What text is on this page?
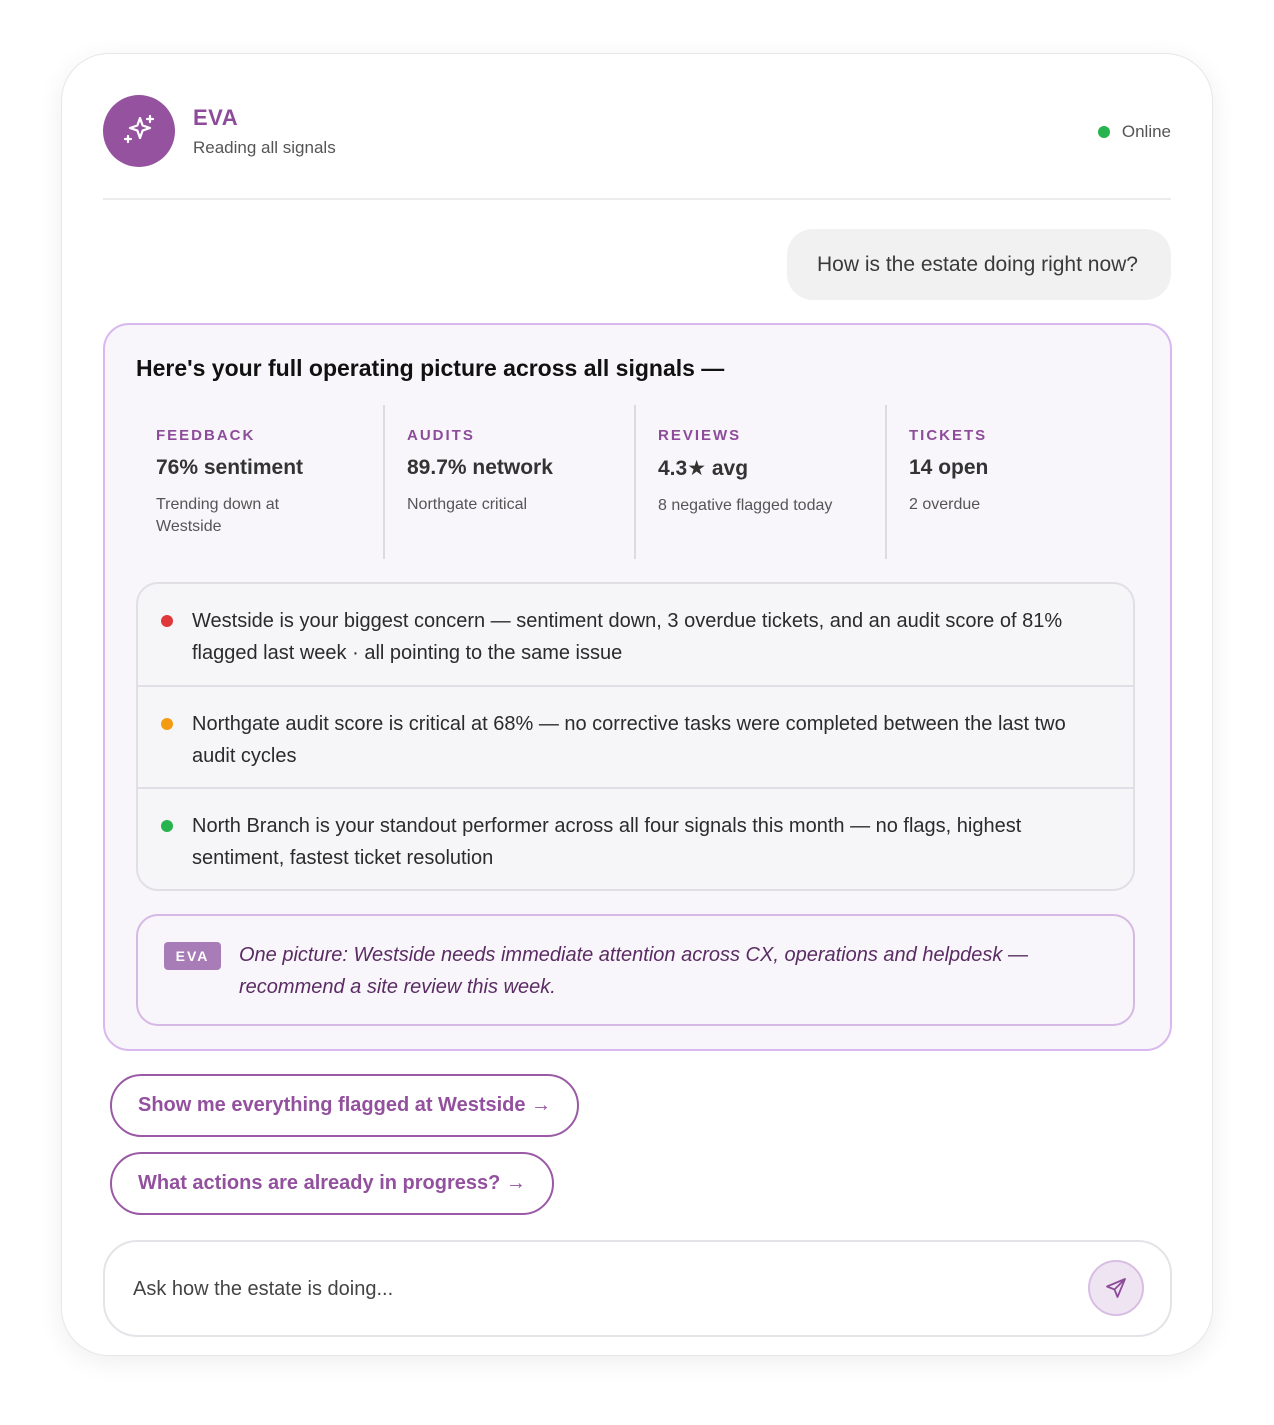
EVA
Reading all signals
Online
How is the estate doing right now?
Here's your full operating picture across all signals —
FEEDBACK
76% sentiment
Trending down at Westside
AUDITS
89.7% network
Northgate critical
REVIEWS
4.3★ avg
8 negative flagged today
TICKETS
14 open
2 overdue
Westside is your biggest concern — sentiment down, 3 overdue tickets, and an audit score of 81% flagged last week · all pointing to the same issue
Northgate audit score is critical at 68% — no corrective tasks were completed between the last two audit cycles
North Branch is your standout performer across all four signals this month — no flags, highest sentiment, fastest ticket resolution
EVA	One picture: Westside needs immediate attention across CX, operations and helpdesk — recommend a site review this week.
Show me everything flagged at Westside →
What actions are already in progress? →
Ask how the estate is doing...
